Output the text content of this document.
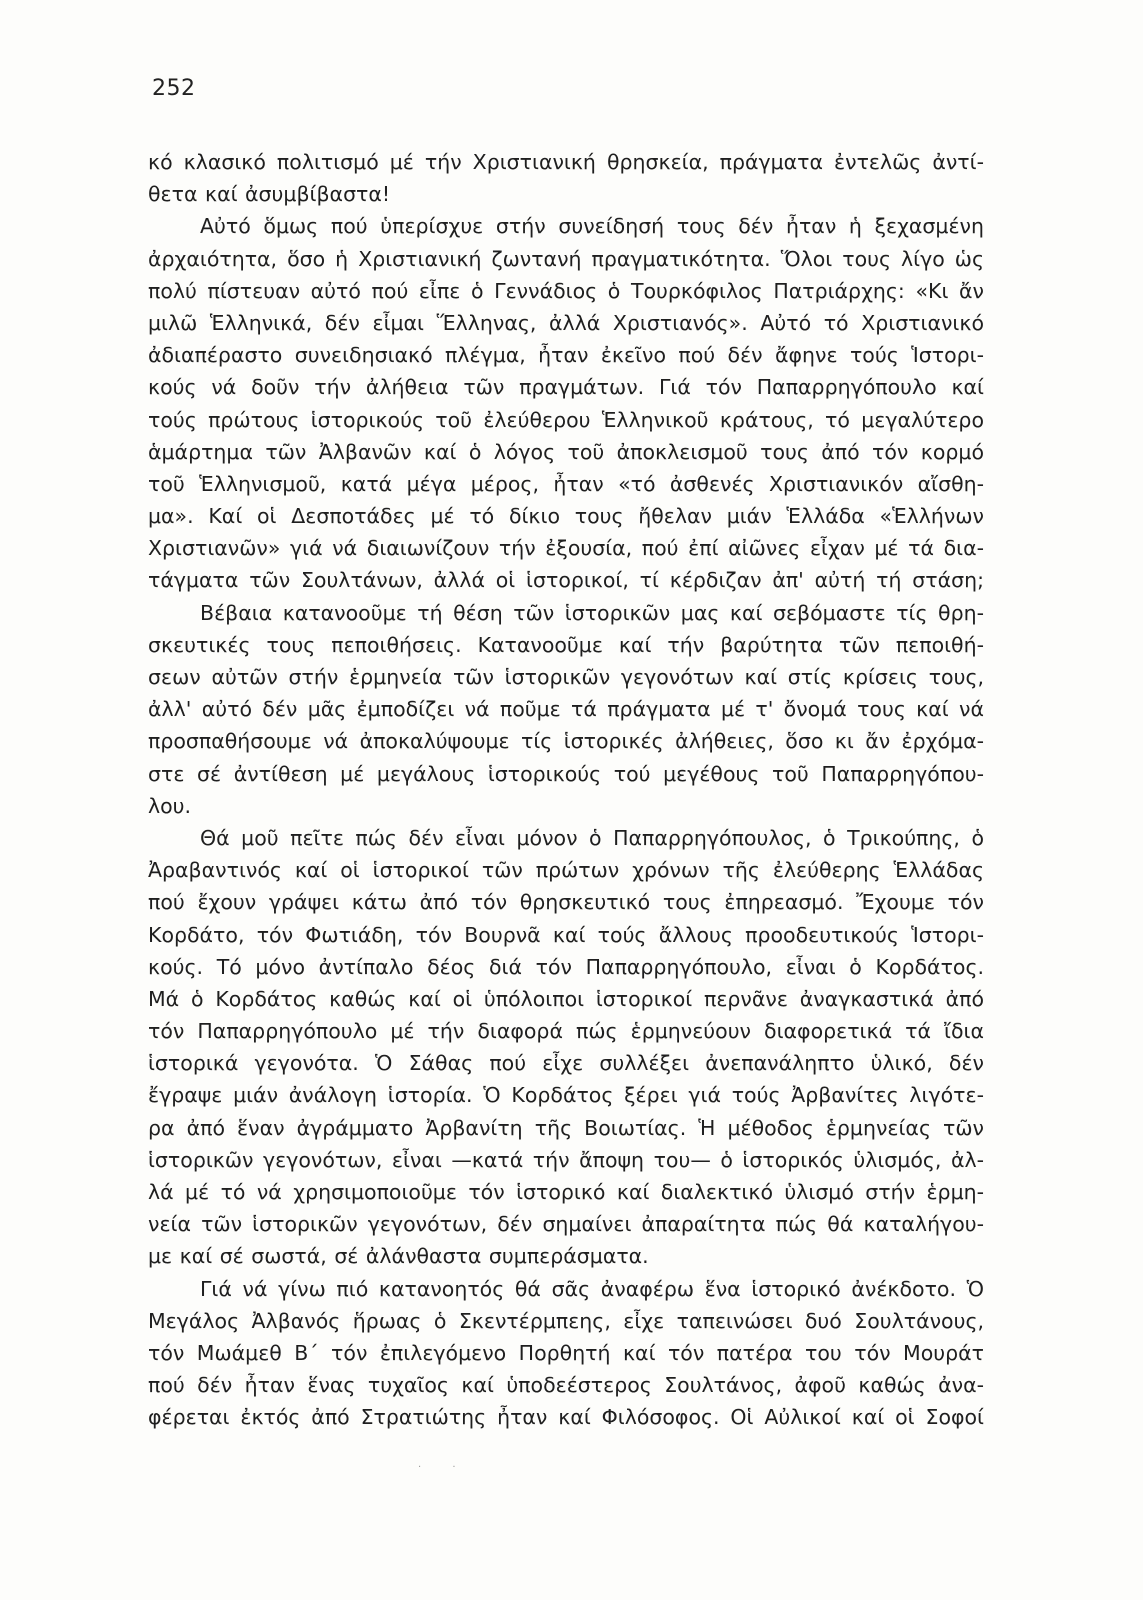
252
κό κλασικό πολιτισμό μέ τήν Χριστιανική θρησκεία, πράγματα ἐντελῶς ἀντί-
θετα καί ἀσυμβίβαστα!
Αὐτό ὅμως πού ὑπερίσχυε στήν συνείδησή τους δέν ἦταν ἡ ξεχασμένη
ἀρχαιότητα, ὅσο ἡ Χριστιανική ζωντανή πραγματικότητα. Ὅλοι τους λίγο ὡς
πολύ πίστευαν αὐτό πού εἶπε ὁ Γεννάδιος ὁ Τουρκόφιλος Πατριάρχης: «Κι ἄν
μιλῶ Ἑλληνικά, δέν εἶμαι Ἕλληνας, ἀλλά Χριστιανός». Αὐτό τό Χριστιανικό
ἀδιαπέραστο συνειδησιακό πλέγμα, ἦταν ἐκεῖνο πού δέν ἄφηνε τούς Ἱστορι-
κούς νά δοῦν τήν ἀλήθεια τῶν πραγμάτων. Γιά τόν Παπαρρηγόπουλο καί
τούς πρώτους ἱστορικούς τοῦ ἐλεύθερου Ἑλληνικοῦ κράτους, τό μεγαλύτερο
ἁμάρτημα τῶν Ἀλβανῶν καί ὁ λόγος τοῦ ἀποκλεισμοῦ τους ἀπό τόν κορμό
τοῦ Ἑλληνισμοῦ, κατά μέγα μέρος, ἦταν «τό ἀσθενές Χριστιανικόν αἴσθη-
μα». Καί οἱ Δεσποτάδες μέ τό δίκιο τους ἤθελαν μιάν Ἑλλάδα «Ἑλλήνων
Χριστιανῶν» γιά νά διαιωνίζουν τήν ἐξουσία, πού ἐπί αἰῶνες εἶχαν μέ τά δια-
τάγματα τῶν Σουλτάνων, ἀλλά οἱ ἱστορικοί, τί κέρδιζαν ἀπ' αὐτή τή στάση;
Βέβαια κατανοοῦμε τή θέση τῶν ἱστορικῶν μας καί σεβόμαστε τίς θρη-
σκευτικές τους πεποιθήσεις. Κατανοοῦμε καί τήν βαρύτητα τῶν πεποιθή-
σεων αὐτῶν στήν ἑρμηνεία τῶν ἱστορικῶν γεγονότων καί στίς κρίσεις τους,
ἀλλ' αὐτό δέν μᾶς ἐμποδίζει νά ποῦμε τά πράγματα μέ τ' ὄνομά τους καί νά
προσπαθήσουμε νά ἀποκαλύψουμε τίς ἱστορικές ἀλήθειες, ὅσο κι ἄν ἐρχόμα-
στε σέ ἀντίθεση μέ μεγάλους ἱστορικούς τού μεγέθους τοῦ Παπαρρηγόπου-
λου.
Θά μοῦ πεῖτε πώς δέν εἶναι μόνον ὁ Παπαρρηγόπουλος, ὁ Τρικούπης, ὁ
Ἀραβαντινός καί οἱ ἱστορικοί τῶν πρώτων χρόνων τῆς ἐλεύθερης Ἑλλάδας
πού ἔχουν γράψει κάτω ἀπό τόν θρησκευτικό τους ἐπηρεασμό. Ἔχουμε τόν
Κορδάτο, τόν Φωτιάδη, τόν Βουρνᾶ καί τούς ἄλλους προοδευτικούς Ἱστορι-
κούς. Τό μόνο ἀντίπαλο δέος διά τόν Παπαρρηγόπουλο, εἶναι ὁ Κορδάτος.
Μά ὁ Κορδάτος καθώς καί οἱ ὑπόλοιποι ἱστορικοί περνᾶνε ἀναγκαστικά ἀπό
τόν Παπαρρηγόπουλο μέ τήν διαφορά πώς ἑρμηνεύουν διαφορετικά τά ἴδια
ἱστορικά γεγονότα. Ὁ Σάθας πού εἶχε συλλέξει ἀνεπανάληπτο ὑλικό, δέν
ἔγραψε μιάν ἀνάλογη ἱστορία. Ὁ Κορδάτος ξέρει γιά τούς Ἀρβανίτες λιγότε-
ρα ἀπό ἕναν ἀγράμματο Ἀρβανίτη τῆς Βοιωτίας. Ἡ μέθοδος ἑρμηνείας τῶν
ἱστορικῶν γεγονότων, εἶναι —κατά τήν ἄποψη του— ὁ ἱστορικός ὑλισμός, ἀλ-
λά μέ τό νά χρησιμοποιοῦμε τόν ἱστορικό καί διαλεκτικό ὑλισμό στήν ἑρμη-
νεία τῶν ἱστορικῶν γεγονότων, δέν σημαίνει ἀπαραίτητα πώς θά καταλήγου-
με καί σέ σωστά, σέ ἀλάνθαστα συμπεράσματα.
Γιά νά γίνω πιό κατανοητός θά σᾶς ἀναφέρω ἕνα ἱστορικό ἀνέκδοτο. Ὁ
Μεγάλος Ἀλβανός ἥρωας ὁ Σκεντέρμπεης, εἶχε ταπεινώσει δυό Σουλτάνους,
τόν Μωάμεθ Β΄ τόν ἐπιλεγόμενο Πορθητή καί τόν πατέρα του τόν Μουράτ
πού δέν ἦταν ἕνας τυχαῖος καί ὑποδεέστερος Σουλτάνος, ἀφοῦ καθώς ἀνα-
φέρεται ἐκτός ἀπό Στρατιώτης ἦταν καί Φιλόσοφος. Οἱ Αὐλικοί καί οἱ Σοφοί
· ·
